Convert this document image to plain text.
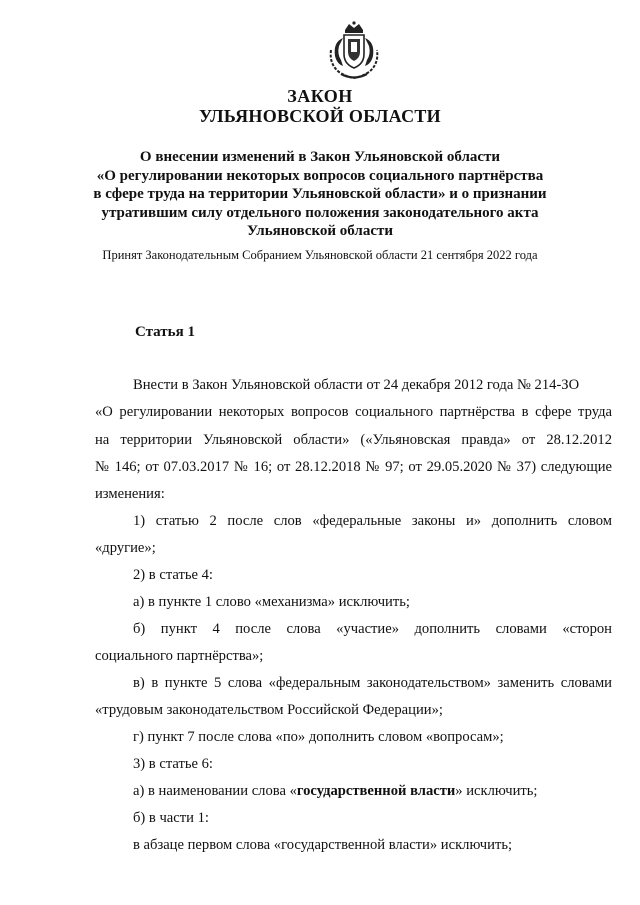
ЗАКОН
УЛЬЯНОВСКОЙ ОБЛАСТИ
О внесении изменений в Закон Ульяновской области
«О регулировании некоторых вопросов социального партнёрства
в сфере труда на территории Ульяновской области» и о признании
утратившим силу отдельного положения законодательного акта
Ульяновской области
Принят Законодательным Собранием Ульяновской области 21 сентября 2022 года
Статья 1
Внести в Закон Ульяновской области от 24 декабря 2012 года № 214-ЗО
«О регулировании некоторых вопросов социального партнёрства в сфере труда
на территории Ульяновской области» («Ульяновская правда» от 28.12.2012
№ 146; от 07.03.2017 № 16; от 28.12.2018 № 97; от 29.05.2020 № 37) следующие
изменения:
1) статью 2 после слов «федеральные законы и» дополнить словом
«другие»;
2) в статье 4:
а) в пункте 1 слово «механизма» исключить;
б) пункт 4 после слова «участие» дополнить словами «сторон
социального партнёрства»;
в) в пункте 5 слова «федеральным законодательством» заменить словами
«трудовым законодательством Российской Федерации»;
г) пункт 7 после слова «по» дополнить словом «вопросам»;
3) в статье 6:
а) в наименовании слова «государственной власти» исключить;
б) в части 1:
в абзаце первом слова «государственной власти» исключить;
